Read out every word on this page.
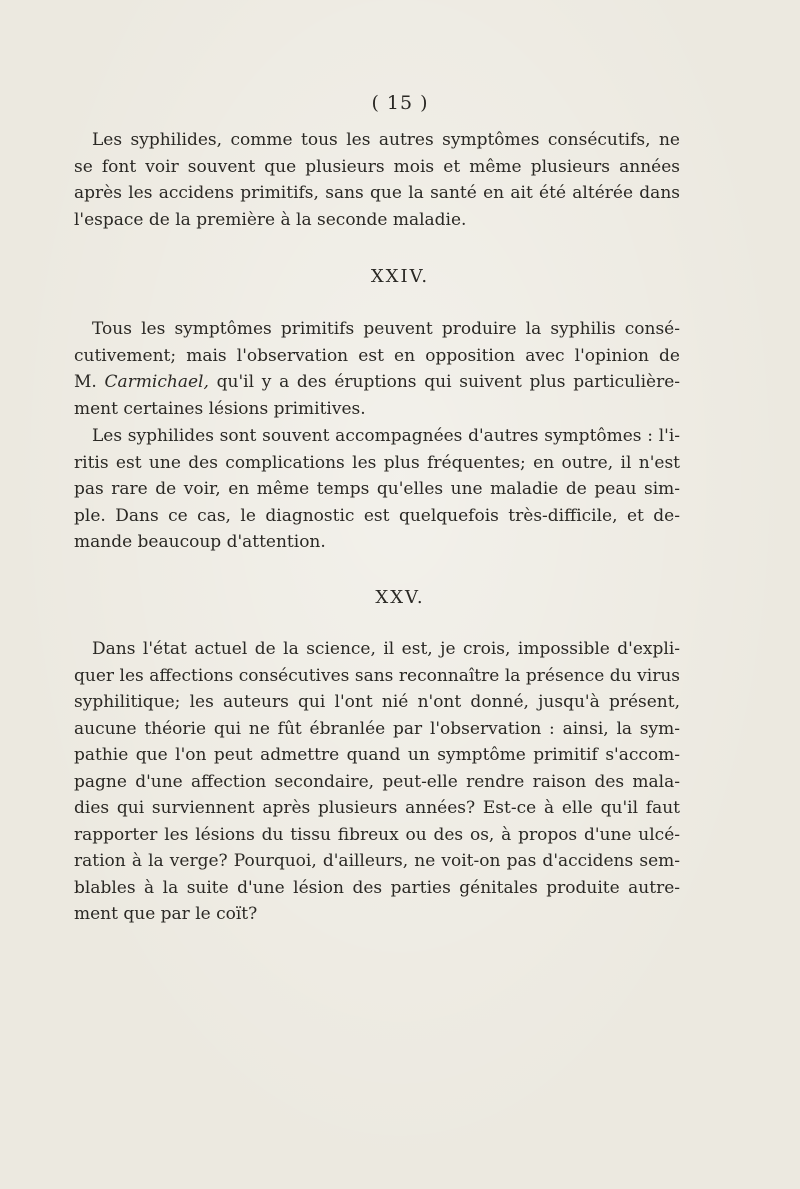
( 15 )
Les syphilides, comme tous les autres symptômes consécutifs, ne
se font voir souvent que plusieurs mois et même plusieurs années
après les accidens primitifs, sans que la santé en ait été altérée dans
l'espace de la première à la seconde maladie.
XXIV.
Tous les symptômes primitifs peuvent produire la syphilis consé-
cutivement; mais l'observation est en opposition avec l'opinion de
M. Carmichael, qu'il y a des éruptions qui suivent plus particulière-
ment certaines lésions primitives.
Les syphilides sont souvent accompagnées d'autres symptômes : l'i-
ritis est une des complications les plus fréquentes; en outre, il n'est
pas rare de voir, en même temps qu'elles une maladie de peau sim-
ple. Dans ce cas, le diagnostic est quelquefois très-difficile, et de-
mande beaucoup d'attention.
XXV.
Dans l'état actuel de la science, il est, je crois, impossible d'expli-
quer les affections consécutives sans reconnaître la présence du virus
syphilitique; les auteurs qui l'ont nié n'ont donné, jusqu'à présent,
aucune théorie qui ne fût ébranlée par l'observation : ainsi, la sym-
pathie que l'on peut admettre quand un symptôme primitif s'accom-
pagne d'une affection secondaire, peut-elle rendre raison des mala-
dies qui surviennent après plusieurs années? Est-ce à elle qu'il faut
rapporter les lésions du tissu fibreux ou des os, à propos d'une ulcé-
ration à la verge? Pourquoi, d'ailleurs, ne voit-on pas d'accidens sem-
blables à la suite d'une lésion des parties génitales produite autre-
ment que par le coït?
